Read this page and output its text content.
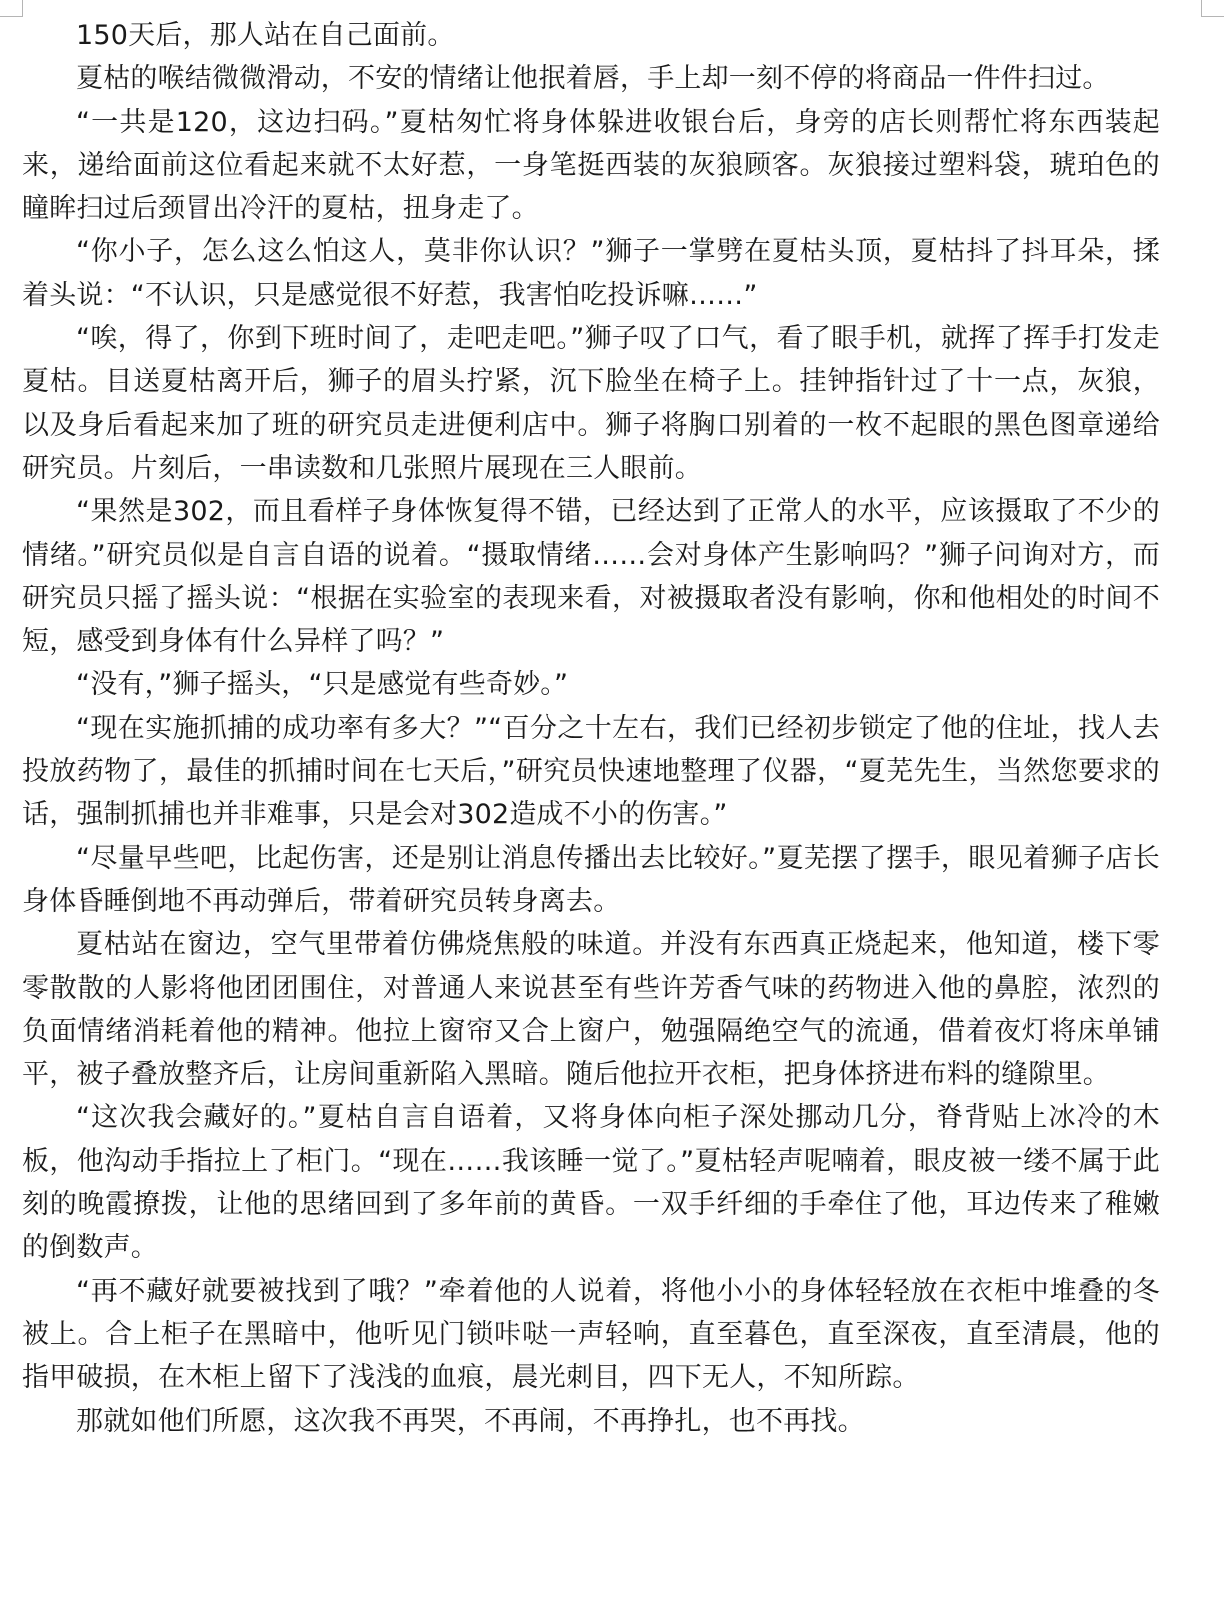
150天后，那人站在自己面前。

夏枯的喉结微微滑动，不安的情绪让他抿着唇，手上却一刻不停的将商品一件件扫过。

“一共是120，这边扫码。”夏枯匆忙将身体躲进收银台后，身旁的店长则帮忙将东西装起来，递给面前这位看起来就不太好惹，一身笔挺西装的灰狼顾客。灰狼接过塑料袋，琥珀色的瞳眸扫过后颈冒出冷汗的夏枯，扭身走了。

“你小子，怎么这么怕这人，莫非你认识？”狮子一掌劈在夏枯头顶，夏枯抖了抖耳朵，揉着头说：“不认识，只是感觉很不好惹，我害怕吃投诉嘛……”

“唉，得了，你到下班时间了，走吧走吧。”狮子叹了口气，看了眼手机，就挥了挥手打发走夏枯。目送夏枯离开后，狮子的眉头拧紧，沉下脸坐在椅子上。挂钟指针过了十一点，灰狼，以及身后看起来加了班的研究员走进便利店中。狮子将胸口别着的一枚不起眼的黑色图章递给研究员。片刻后，一串读数和几张照片展现在三人眼前。

“果然是302，而且看样子身体恢复得不错，已经达到了正常人的水平，应该摄取了不少的情绪。”研究员似是自言自语的说着。“摄取情绪……会对身体产生影响吗？”狮子问询对方，而研究员只摇了摇头说：“根据在实验室的表现来看，对被摄取者没有影响，你和他相处的时间不短，感受到身体有什么异样了吗？”

“没有，”狮子摇头，“只是感觉有些奇妙。”

“现在实施抓捕的成功率有多大？”“百分之十左右，我们已经初步锁定了他的住址，找人去投放药物了，最佳的抓捕时间在七天后，”研究员快速地整理了仪器，“夏芜先生，当然您要求的话，强制抓捕也并非难事，只是会对302造成不小的伤害。”

“尽量早些吧，比起伤害，还是别让消息传播出去比较好。”夏芜摆了摆手，眼见着狮子店长身体昏睡倒地不再动弹后，带着研究员转身离去。

夏枯站在窗边，空气里带着仿佛烧焦般的味道。并没有东西真正烧起来，他知道，楼下零零散散的人影将他团团围住，对普通人来说甚至有些许芳香气味的药物进入他的鼻腔，浓烈的负面情绪消耗着他的精神。他拉上窗帘又合上窗户，勉强隔绝空气的流通，借着夜灯将床单铺平，被子叠放整齐后，让房间重新陷入黑暗。随后他拉开衣柜，把身体挤进布料的缝隙里。

“这次我会藏好的。”夏枯自言自语着，又将身体向柜子深处挪动几分，脊背贴上冰冷的木板，他沟动手指拉上了柜门。“现在……我该睡一觉了。”夏枯轻声呢喃着，眼皮被一缕不属于此刻的晚霞撩拨，让他的思绪回到了多年前的黄昏。一双手纤细的手牵住了他，耳边传来了稚嫩的倒数声。

“再不藏好就要被找到了哦？”牵着他的人说着，将他小小的身体轻轻放在衣柜中堆叠的冬被上。合上柜子在黑暗中，他听见门锁咔哒一声轻响，直至暮色，直至深夜，直至清晨，他的指甲破损，在木柜上留下了浅浅的血痕，晨光刺目，四下无人，不知所踪。

那就如他们所愿，这次我不再哭，不再闹，不再挣扎，也不再找。
